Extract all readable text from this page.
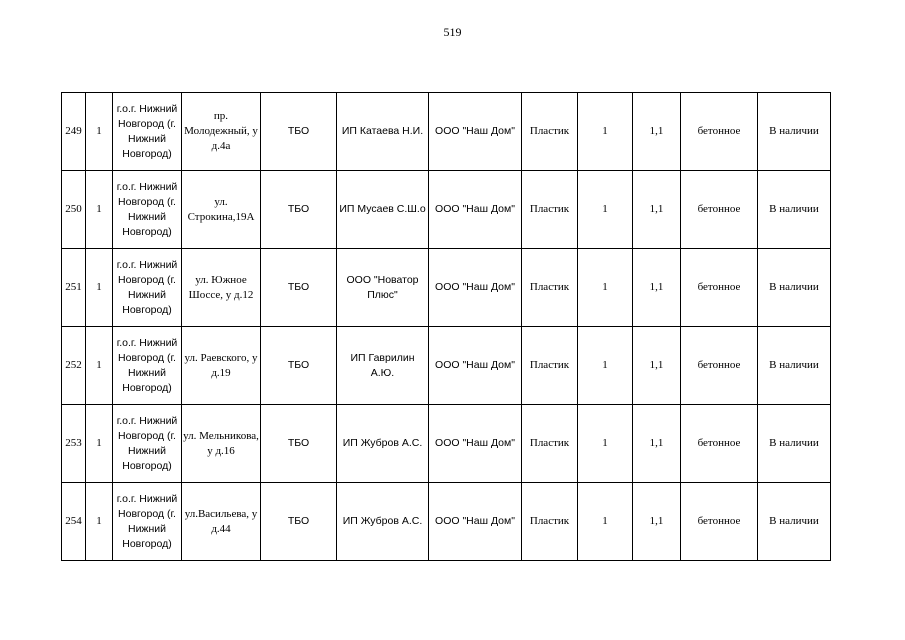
519
249	1	г.о.г. Нижний Новгород (г. Нижний Новгород)	пр. Молодежный, у д.4а	ТБО	ИП Катаева Н.И.	ООО "Наш Дом"	Пластик	1	1,1	бетонное	В наличии
250	1	г.о.г. Нижний Новгород (г. Нижний Новгород)	ул. Строкина,19А	ТБО	ИП Мусаев С.Ш.о	ООО "Наш Дом"	Пластик	1	1,1	бетонное	В наличии
251	1	г.о.г. Нижний Новгород (г. Нижний Новгород)	ул. Южное Шоссе, у д.12	ТБО	ООО "Новатор Плюс"	ООО "Наш Дом"	Пластик	1	1,1	бетонное	В наличии
252	1	г.о.г. Нижний Новгород (г. Нижний Новгород)	ул. Раевского, у д.19	ТБО	ИП Гаврилин А.Ю.	ООО "Наш Дом"	Пластик	1	1,1	бетонное	В наличии
253	1	г.о.г. Нижний Новгород (г. Нижний Новгород)	ул. Мельникова, у д.16	ТБО	ИП Жубров А.С.	ООО "Наш Дом"	Пластик	1	1,1	бетонное	В наличии
254	1	г.о.г. Нижний Новгород (г. Нижний Новгород)	ул.Васильева, у д.44	ТБО	ИП Жубров А.С.	ООО "Наш Дом"	Пластик	1	1,1	бетонное	В наличии
